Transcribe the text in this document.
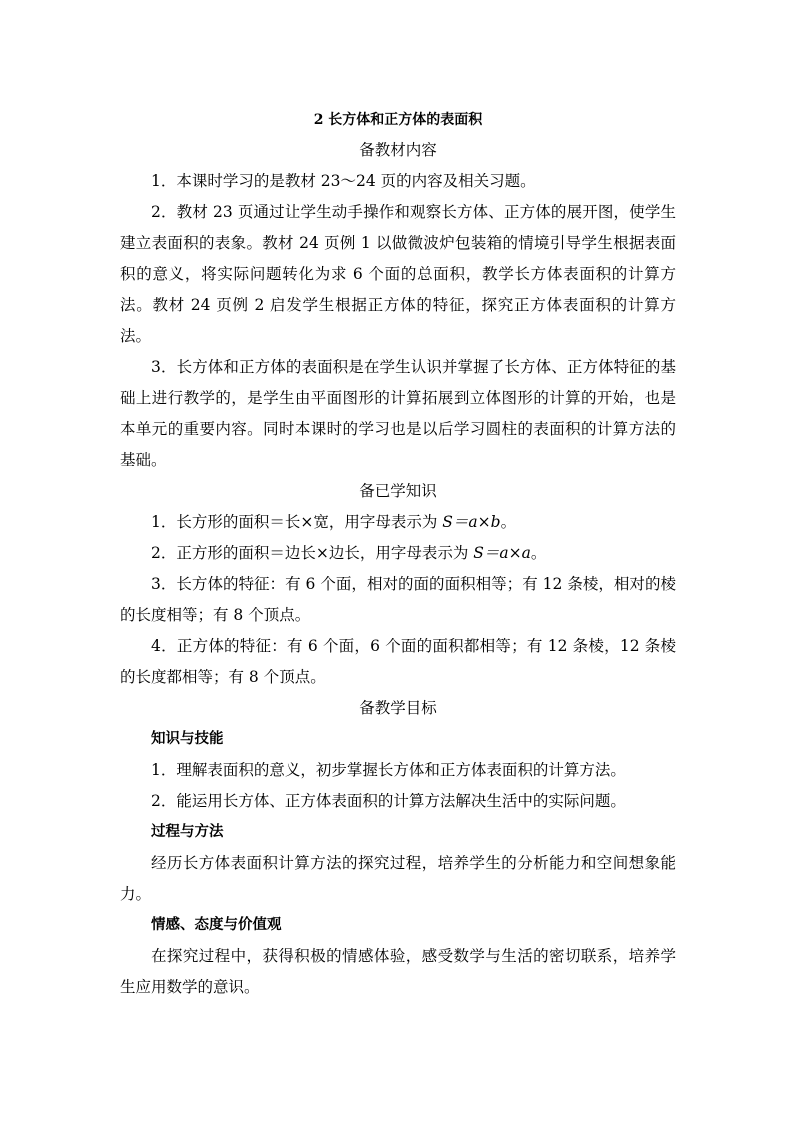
2 长方体和正方体的表面积

备教材内容

1．本课时学习的是教材 23～24 页的内容及相关习题。

2．教材 23 页通过让学生动手操作和观察长方体、正方体的展开图，使学生建立表面积的表象。教材 24 页例 1 以做微波炉包装箱的情境引导学生根据表面积的意义，将实际问题转化为求 6 个面的总面积，教学长方体表面积的计算方法。教材 24 页例 2 启发学生根据正方体的特征，探究正方体表面积的计算方法。

3．长方体和正方体的表面积是在学生认识并掌握了长方体、正方体特征的基础上进行教学的，是学生由平面图形的计算拓展到立体图形的计算的开始，也是本单元的重要内容。同时本课时的学习也是以后学习圆柱的表面积的计算方法的基础。

备已学知识

1．长方形的面积＝长×宽，用字母表示为 S＝a×b。

2．正方形的面积＝边长×边长，用字母表示为 S＝a×a。

3．长方体的特征：有 6 个面，相对的面的面积相等；有 12 条棱，相对的棱的长度相等；有 8 个顶点。

4．正方体的特征：有 6 个面，6 个面的面积都相等；有 12 条棱，12 条棱的长度都相等；有 8 个顶点。

备教学目标

知识与技能

1．理解表面积的意义，初步掌握长方体和正方体表面积的计算方法。

2．能运用长方体、正方体表面积的计算方法解决生活中的实际问题。

过程与方法

经历长方体表面积计算方法的探究过程，培养学生的分析能力和空间想象能力。

情感、态度与价值观

在探究过程中，获得积极的情感体验，感受数学与生活的密切联系，培养学生应用数学的意识。
